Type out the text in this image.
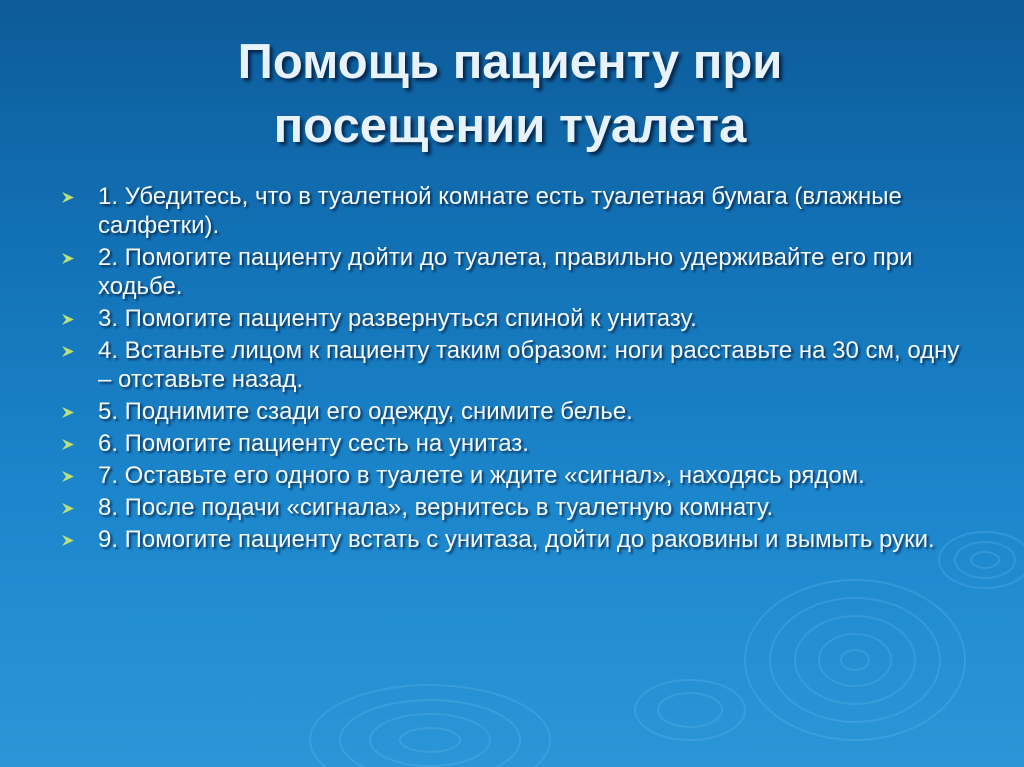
Помощь пациенту при
посещении туалета
1. Убедитесь, что в туалетной комнате есть туалетная бумага (влажные салфетки).
2. Помогите пациенту дойти до туалета, правильно удерживайте его при ходьбе.
3. Помогите пациенту развернуться спиной к унитазу.
4. Встаньте лицом к пациенту таким образом: ноги расставьте на 30 см, одну – отставьте назад.
5. Поднимите сзади его одежду, снимите белье.
6. Помогите пациенту сесть на унитаз.
7. Оставьте его одного в туалете и ждите «сигнал», находясь рядом.
8. После подачи «сигнала», вернитесь в туалетную комнату.
9. Помогите пациенту встать с унитаза, дойти до раковины и вымыть руки.
